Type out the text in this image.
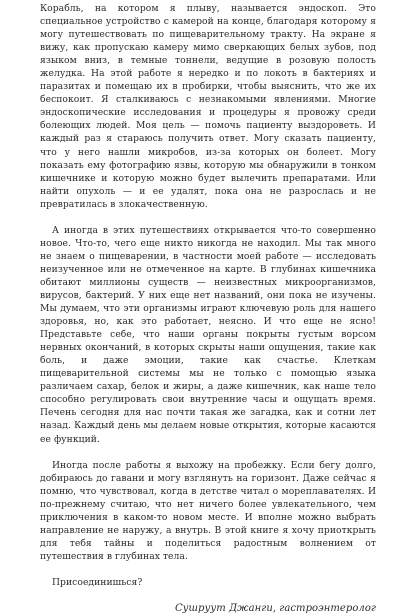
Корабль, на котором я плыву, называется эндоскоп. Это специальное устройство с камерой на конце, благодаря которому я могу путешествовать по пищеварительному тракту. На экране я вижу, как пропускаю камеру мимо сверкающих белых зубов, под языком вниз, в темные тоннели, ведущие в розовую полость желудка. На этой работе я нередко и по локоть в бактериях и паразитах и помещаю их в пробирки, чтобы выяснить, что же их беспокоит. Я сталкиваюсь с незнакомыми явлениями. Многие эндоскопические исследования и процедуры я провожу среди болеющих людей. Моя цель — помочь пациенту выздороветь. И каждый раз я стараюсь получить ответ. Могу сказать пациенту, что у него нашли микробов, из-за которых он болеет. Могу показать ему фотографию язвы, которую мы обнаружили в тонком кишечнике и которую можно будет вылечить препаратами. Или найти опухоль — и ее удалят, пока она не разрослась и не превратилась в злокачественную.

А иногда в этих путешествиях открывается что-то совершенно новое. Что-то, чего еще никто никогда не находил. Мы так много не знаем о пищеварении, в частности моей работе — исследовать неизученное или не отмеченное на карте. В глубинах кишечника обитают миллионы существ — неизвестных микроорганизмов, вирусов, бактерий. У них еще нет названий, они пока не изучены. Мы думаем, что эти организмы играют ключевую роль для нашего здоровья, но, как это работает, неясно. И что еще не ясно! Представьте себе, что наши органы покрыты густым ворсом нервных окончаний, в которых скрыты наши ощущения, такие как боль, и даже эмоции, такие как счастье. Клеткам пищеварительной системы мы не только с помощью языка различаем сахар, белок и жиры, а даже кишечник, как наше тело способно регулировать свои внутренние часы и ощущать время. Печень сегодня для нас почти такая же загадка, как и сотни лет назад. Каждый день мы делаем новые открытия, которые касаются ее функций.

Иногда после работы я выхожу на пробежку. Если бегу долго, добираюсь до гавани и могу взглянуть на горизонт. Даже сейчас я помню, что чувствовал, когда в детстве читал о мореплавателях. И по-прежнему считаю, что нет ничего более увлекательного, чем приключения в каком-то новом месте. И вполне можно выбрать направление не наружу, а внутрь. В этой книге я хочу приоткрыть для тебя тайны и поделиться радостным волнением от путешествия в глубинах тела.

Присоединишься?

Сушруут Джанги, гастроэнтеролог
